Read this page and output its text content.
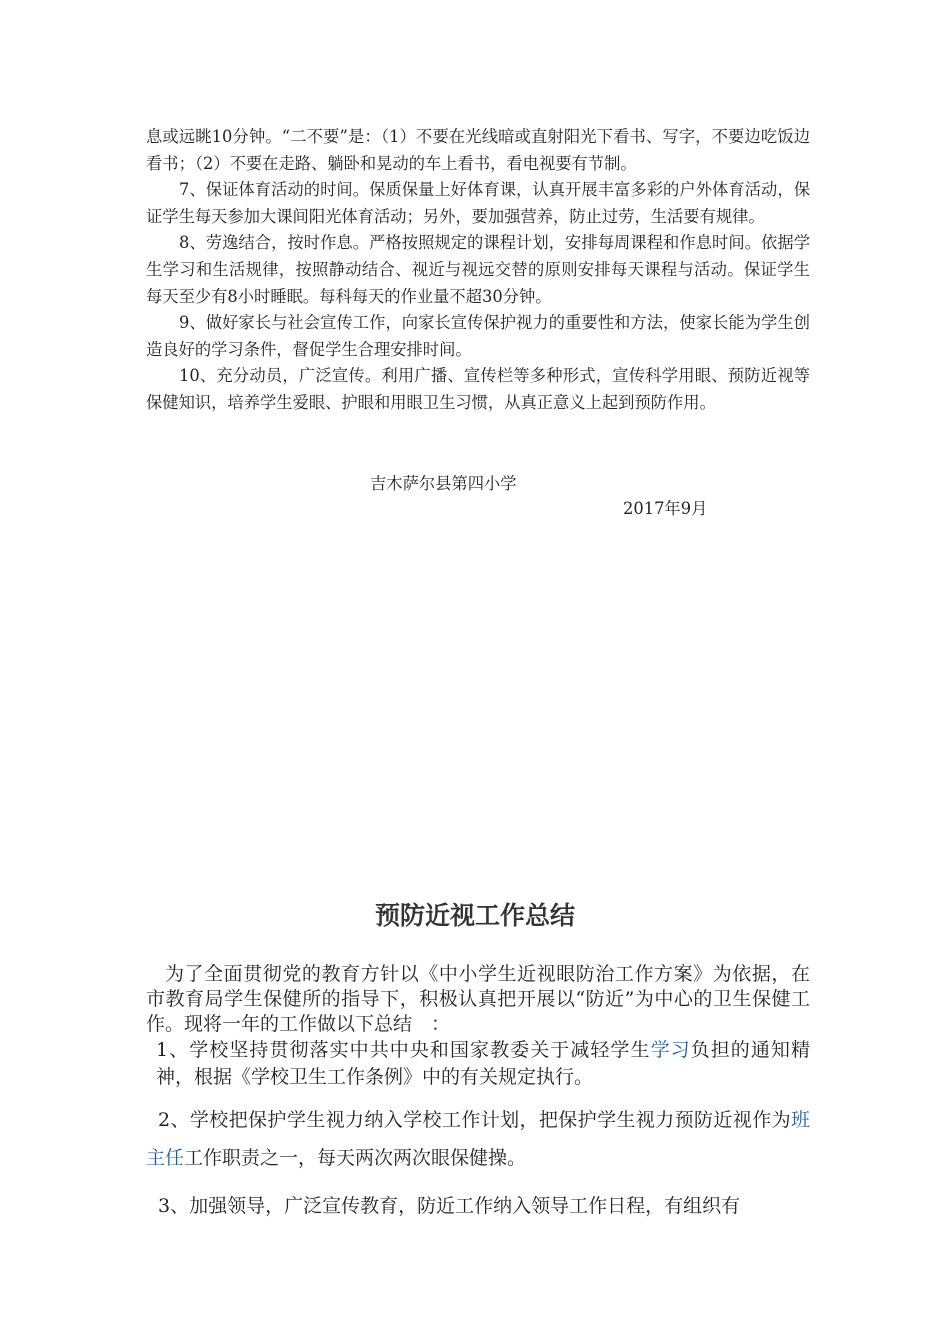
息或远眺10分钟。“二不要”是：（1）不要在光线暗或直射阳光下看书、写字，不要边吃饭边看书；（2）不要在走路、躺卧和晃动的车上看书，看电视要有节制。

7、保证体育活动的时间。保质保量上好体育课，认真开展丰富多彩的户外体育活动，保证学生每天参加大课间阳光体育活动；另外，要加强营养，防止过劳，生活要有规律。

8、劳逸结合，按时作息。严格按照规定的课程计划，安排每周课程和作息时间。依据学生学习和生活规律，按照静动结合、视近与视远交替的原则安排每天课程与活动。保证学生每天至少有8小时睡眠。每科每天的作业量不超30分钟。

9、做好家长与社会宣传工作，向家长宣传保护视力的重要性和方法，使家长能为学生创造良好的学习条件，督促学生合理安排时间。

10、充分动员，广泛宣传。利用广播、宣传栏等多种形式，宣传科学用眼、预防近视等保健知识，培养学生爱眼、护眼和用眼卫生习惯，从真正意义上起到预防作用。

吉木萨尔县第四小学
2017年9月
预防近视工作总结

为了全面贯彻党的教育方针以《中小学生近视眼防治工作方案》为依据，在市教育局学生保健所的指导下，积极认真把开展以“防近”为中心的卫生保健工作。现将一年的工作做以下总结　：

1、学校坚持贯彻落实中共中央和国家教委关于减轻学生学习负担的通知精神，根据《学校卫生工作条例》中的有关规定执行。

2、学校把保护学生视力纳入学校工作计划，把保护学生视力预防近视作为班主任工作职责之一，每天两次两次眼保健操。

3、加强领导，广泛宣传教育，防近工作纳入领导工作日程，有组织有
